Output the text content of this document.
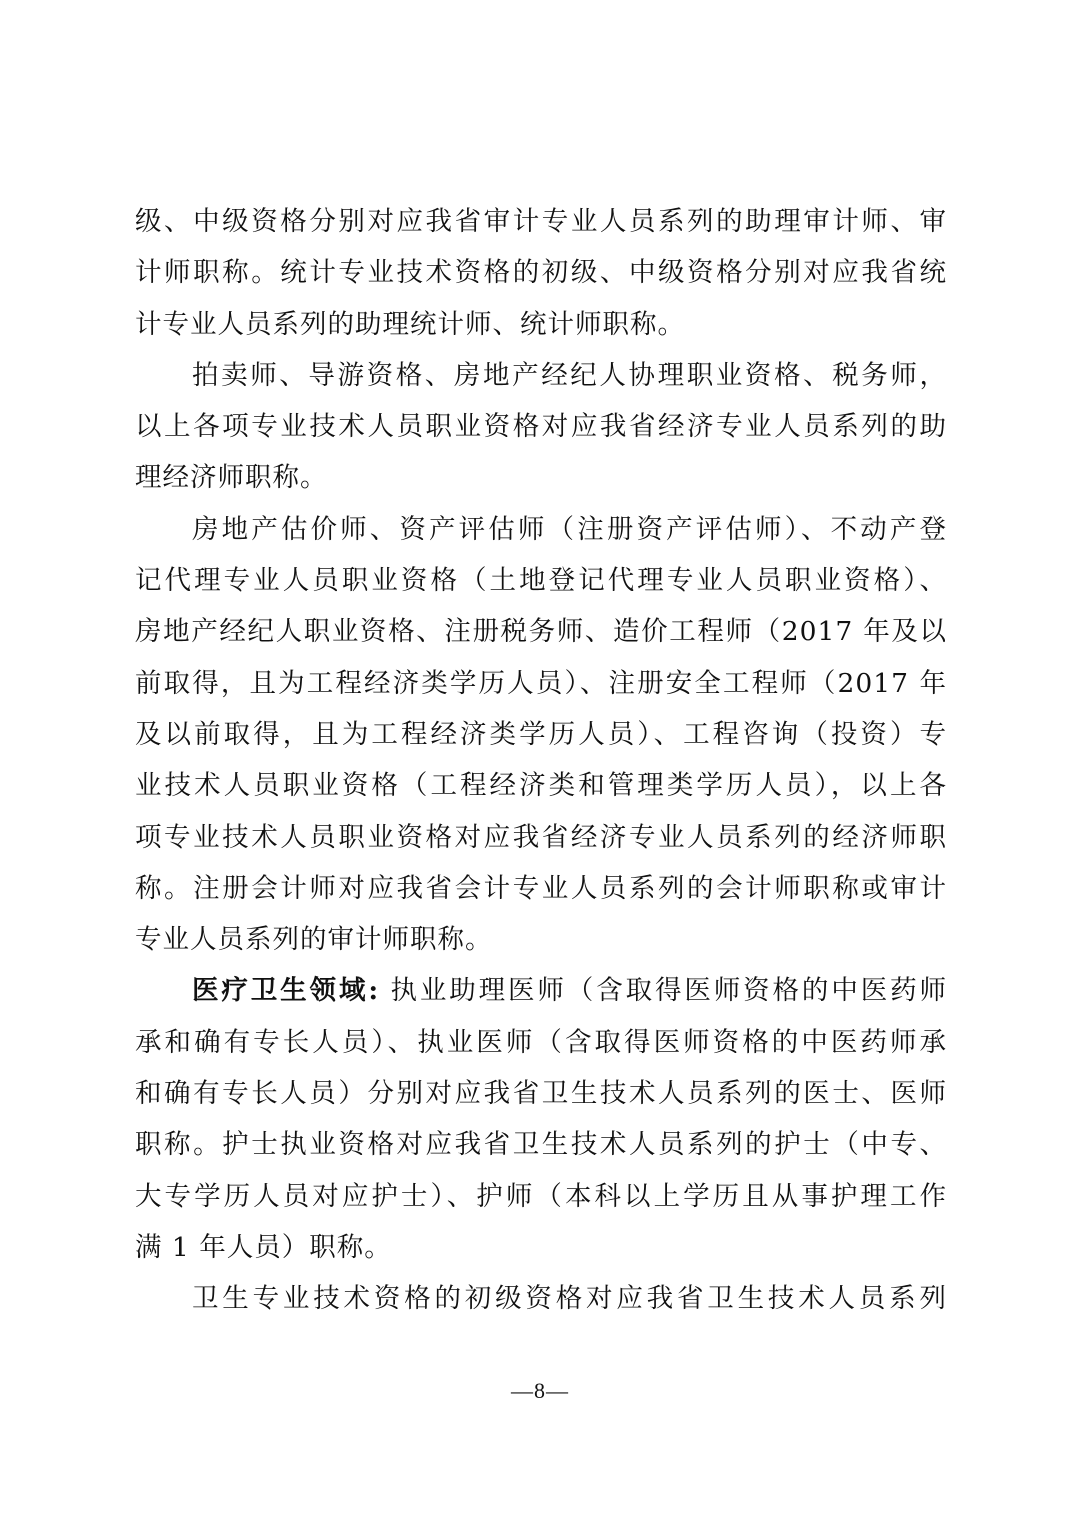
级、中级资格分别对应我省审计专业人员系列的助理审计师、审
计师职称。统计专业技术资格的初级、中级资格分别对应我省统
计专业人员系列的助理统计师、统计师职称。
拍卖师、导游资格、房地产经纪人协理职业资格、税务师，
以上各项专业技术人员职业资格对应我省经济专业人员系列的助
理经济师职称。
房地产估价师、资产评估师（注册资产评估师）、不动产登
记代理专业人员职业资格（土地登记代理专业人员职业资格）、
房地产经纪人职业资格、注册税务师、造价工程师（2017 年及以
前取得，且为工程经济类学历人员）、注册安全工程师（2017 年
及以前取得，且为工程经济类学历人员）、工程咨询（投资）专
业技术人员职业资格（工程经济类和管理类学历人员），以上各
项专业技术人员职业资格对应我省经济专业人员系列的经济师职
称。注册会计师对应我省会计专业人员系列的会计师职称或审计
专业人员系列的审计师职称。
医疗卫生领域: 执业助理医师（含取得医师资格的中医药师
承和确有专长人员）、执业医师（含取得医师资格的中医药师承
和确有专长人员）分别对应我省卫生技术人员系列的医士、医师
职称。护士执业资格对应我省卫生技术人员系列的护士（中专、
大专学历人员对应护士）、护师（本科以上学历且从事护理工作
满 1 年人员）职称。
卫生专业技术资格的初级资格对应我省卫生技术人员系列
—8—
